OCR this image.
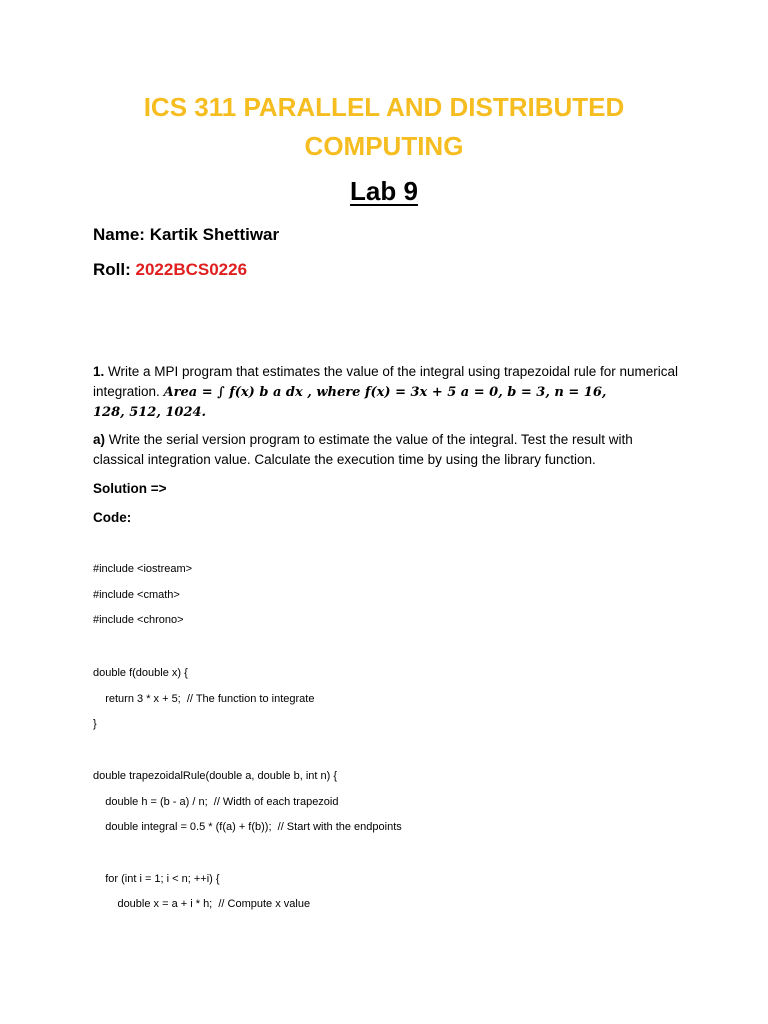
ICS 311 PARALLEL AND DISTRIBUTED
COMPUTING
Lab 9
Name: Kartik Shettiwar
Roll: 2022BCS0226
1. Write a MPI program that estimates the value of the integral using trapezoidal rule for numerical integration. Area = ∫ f(x) b a dx , where f(x) = 3x + 5 a = 0, b = 3, n = 16,
128, 512, 1024.
a) Write the serial version program to estimate the value of the integral. Test the result with classical integration value. Calculate the execution time by using the library function.
Solution =>
Code:
#include <iostream>
#include <cmath>
#include <chrono>
double f(double x) {
return 3 * x + 5;  // The function to integrate
}
double trapezoidalRule(double a, double b, int n) {
double h = (b - a) / n;  // Width of each trapezoid
double integral = 0.5 * (f(a) + f(b));  // Start with the endpoints
for (int i = 1; i < n; ++i) {
double x = a + i * h;  // Compute x value
